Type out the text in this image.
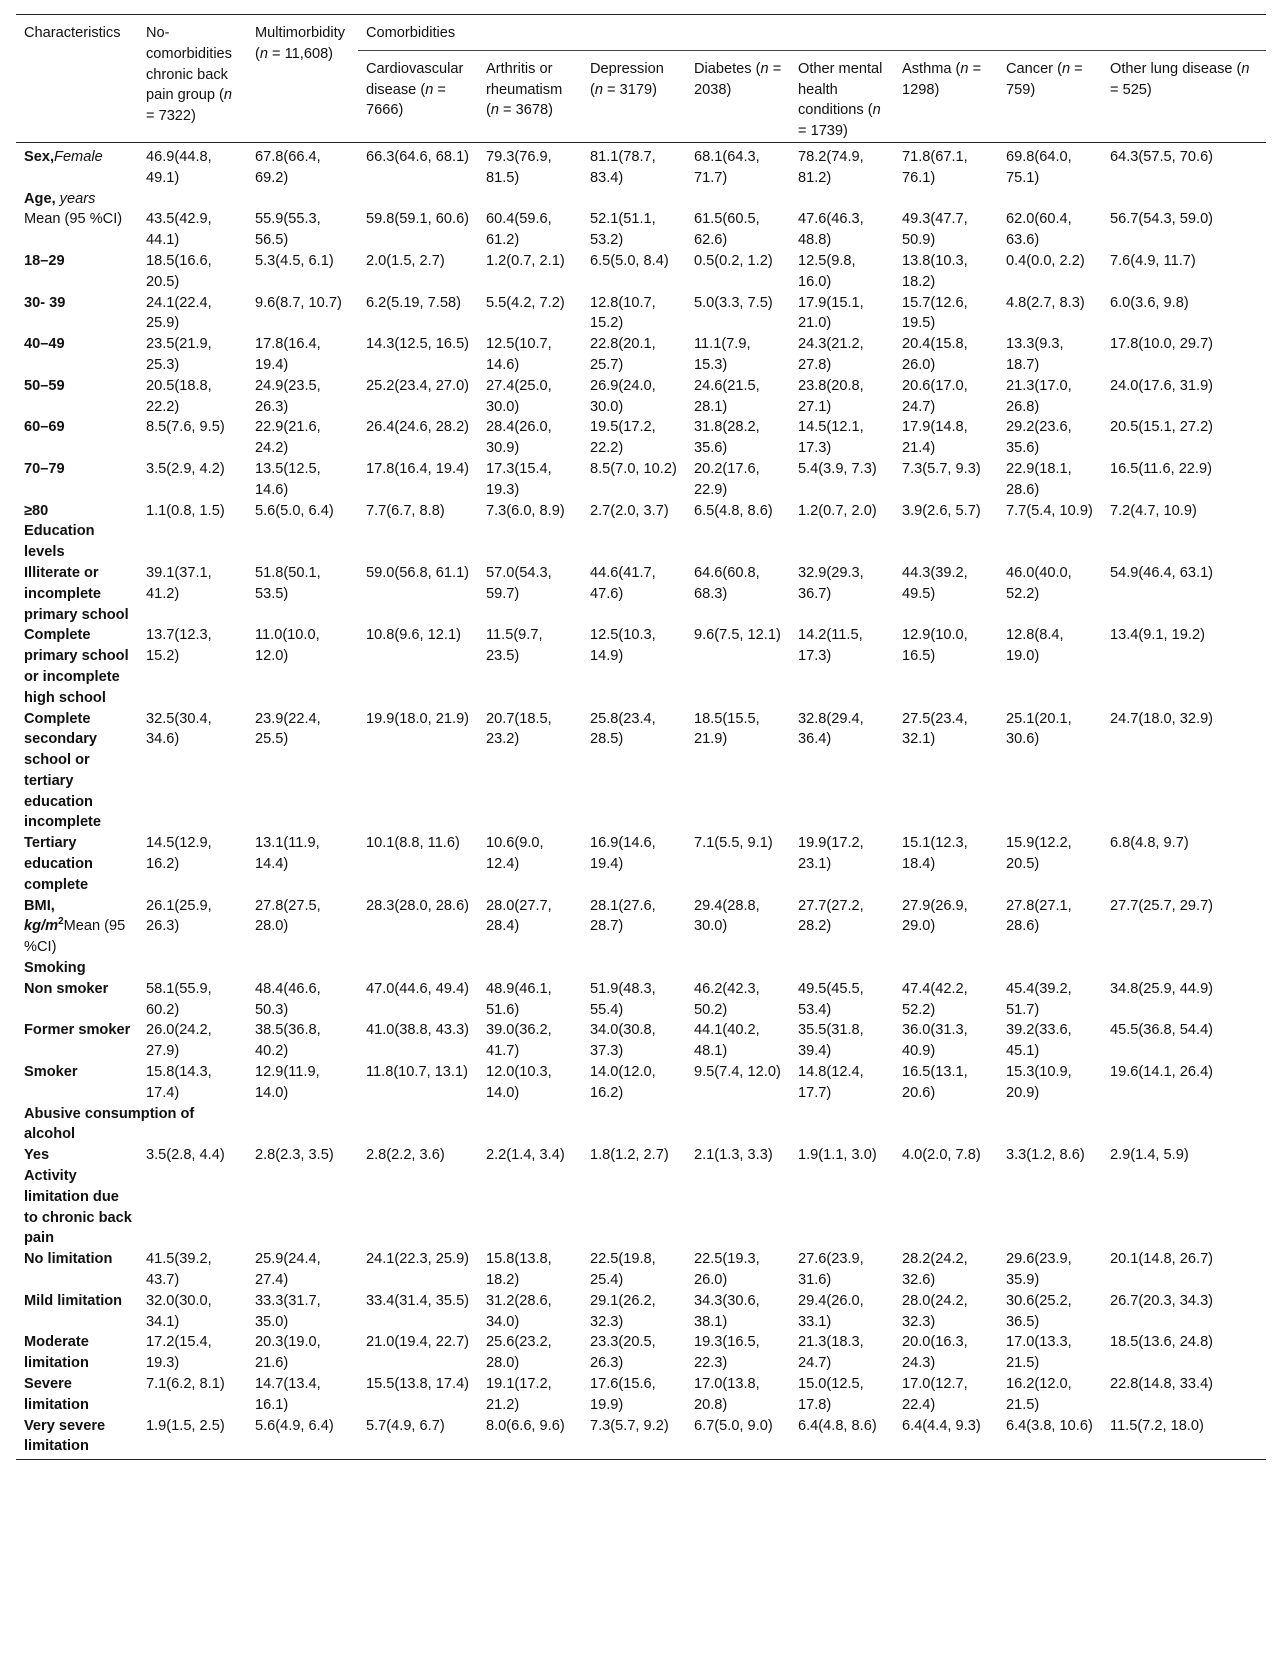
Characteristics	No-comorbidities chronic back pain group (n = 7322)	Multimorbidity (n = 11,608)	Comorbidities							
			Cardiovascular disease (n = 7666)	Arthritis or rheumatism (n = 3678)	Depression (n = 3179)	Diabetes (n = 2038)	Other mental health conditions (n = 1739)	Asthma (n = 1298)	Cancer (n = 759)	Other lung disease (n = 525)
Sex,Female	46.9(44.8, 49.1)	67.8(66.4, 69.2)	66.3(64.6, 68.1)	79.3(76.9, 81.5)	81.1(78.7, 83.4)	68.1(64.3, 71.7)	78.2(74.9, 81.2)	71.8(67.1, 76.1)	69.8(64.0, 75.1)	64.3(57.5, 70.6)
Age, years										
Mean (95 %CI)	43.5(42.9, 44.1)	55.9(55.3, 56.5)	59.8(59.1, 60.6)	60.4(59.6, 61.2)	52.1(51.1, 53.2)	61.5(60.5, 62.6)	47.6(46.3, 48.8)	49.3(47.7, 50.9)	62.0(60.4, 63.6)	56.7(54.3, 59.0)
18–29	18.5(16.6, 20.5)	5.3(4.5, 6.1)	2.0(1.5, 2.7)	1.2(0.7, 2.1)	6.5(5.0, 8.4)	0.5(0.2, 1.2)	12.5(9.8, 16.0)	13.8(10.3, 18.2)	0.4(0.0, 2.2)	7.6(4.9, 11.7)
30- 39	24.1(22.4, 25.9)	9.6(8.7, 10.7)	6.2(5.19, 7.58)	5.5(4.2, 7.2)	12.8(10.7, 15.2)	5.0(3.3, 7.5)	17.9(15.1, 21.0)	15.7(12.6, 19.5)	4.8(2.7, 8.3)	6.0(3.6, 9.8)
40–49	23.5(21.9, 25.3)	17.8(16.4, 19.4)	14.3(12.5, 16.5)	12.5(10.7, 14.6)	22.8(20.1, 25.7)	11.1(7.9, 15.3)	24.3(21.2, 27.8)	20.4(15.8, 26.0)	13.3(9.3, 18.7)	17.8(10.0, 29.7)
50–59	20.5(18.8, 22.2)	24.9(23.5, 26.3)	25.2(23.4, 27.0)	27.4(25.0, 30.0)	26.9(24.0, 30.0)	24.6(21.5, 28.1)	23.8(20.8, 27.1)	20.6(17.0, 24.7)	21.3(17.0, 26.8)	24.0(17.6, 31.9)
60–69	8.5(7.6, 9.5)	22.9(21.6, 24.2)	26.4(24.6, 28.2)	28.4(26.0, 30.9)	19.5(17.2, 22.2)	31.8(28.2, 35.6)	14.5(12.1, 17.3)	17.9(14.8, 21.4)	29.2(23.6, 35.6)	20.5(15.1, 27.2)
70–79	3.5(2.9, 4.2)	13.5(12.5, 14.6)	17.8(16.4, 19.4)	17.3(15.4, 19.3)	8.5(7.0, 10.2)	20.2(17.6, 22.9)	5.4(3.9, 7.3)	7.3(5.7, 9.3)	22.9(18.1, 28.6)	16.5(11.6, 22.9)
≥80	1.1(0.8, 1.5)	5.6(5.0, 6.4)	7.7(6.7, 8.8)	7.3(6.0, 8.9)	2.7(2.0, 3.7)	6.5(4.8, 8.6)	1.2(0.7, 2.0)	3.9(2.6, 5.7)	7.7(5.4, 10.9)	7.2(4.7, 10.9)
Education levels										
Illiterate or incomplete primary school	39.1(37.1, 41.2)	51.8(50.1, 53.5)	59.0(56.8, 61.1)	57.0(54.3, 59.7)	44.6(41.7, 47.6)	64.6(60.8, 68.3)	32.9(29.3, 36.7)	44.3(39.2, 49.5)	46.0(40.0, 52.2)	54.9(46.4, 63.1)
Complete primary school or incomplete high school	13.7(12.3, 15.2)	11.0(10.0, 12.0)	10.8(9.6, 12.1)	11.5(9.7, 23.5)	12.5(10.3, 14.9)	9.6(7.5, 12.1)	14.2(11.5, 17.3)	12.9(10.0, 16.5)	12.8(8.4, 19.0)	13.4(9.1, 19.2)
Complete secondary school or tertiary education incomplete	32.5(30.4, 34.6)	23.9(22.4, 25.5)	19.9(18.0, 21.9)	20.7(18.5, 23.2)	25.8(23.4, 28.5)	18.5(15.5, 21.9)	32.8(29.4, 36.4)	27.5(23.4, 32.1)	25.1(20.1, 30.6)	24.7(18.0, 32.9)
Tertiary education complete	14.5(12.9, 16.2)	13.1(11.9, 14.4)	10.1(8.8, 11.6)	10.6(9.0, 12.4)	16.9(14.6, 19.4)	7.1(5.5, 9.1)	19.9(17.2, 23.1)	15.1(12.3, 18.4)	15.9(12.2, 20.5)	6.8(4.8, 9.7)
BMI, $kg/m^2Mean$ (95 %CI)	26.1(25.9, 26.3)	27.8(27.5, 28.0)	28.3(28.0, 28.6)	28.0(27.7, 28.4)	28.1(27.6, 28.7)	29.4(28.8, 30.0)	27.7(27.2, 28.2)	27.9(26.9, 29.0)	27.8(27.1, 28.6)	27.7(25.7, 29.7)
Smoking										
Non smoker	58.1(55.9, 60.2)	48.4(46.6, 50.3)	47.0(44.6, 49.4)	48.9(46.1, 51.6)	51.9(48.3, 55.4)	46.2(42.3, 50.2)	49.5(45.5, 53.4)	47.4(42.2, 52.2)	45.4(39.2, 51.7)	34.8(25.9, 44.9)
Former smoker	26.0(24.2, 27.9)	38.5(36.8, 40.2)	41.0(38.8, 43.3)	39.0(36.2, 41.7)	34.0(30.8, 37.3)	44.1(40.2, 48.1)	35.5(31.8, 39.4)	36.0(31.3, 40.9)	39.2(33.6, 45.1)	45.5(36.8, 54.4)
Smoker	15.8(14.3, 17.4)	12.9(11.9, 14.0)	11.8(10.7, 13.1)	12.0(10.3, 14.0)	14.0(12.0, 16.2)	9.5(7.4, 12.0)	14.8(12.4, 17.7)	16.5(13.1, 20.6)	15.3(10.9, 20.9)	19.6(14.1, 26.4)
Abusive consumption of alcohol										
Yes	3.5(2.8, 4.4)	2.8(2.3, 3.5)	2.8(2.2, 3.6)	2.2(1.4, 3.4)	1.8(1.2, 2.7)	2.1(1.3, 3.3)	1.9(1.1, 3.0)	4.0(2.0, 7.8)	3.3(1.2, 8.6)	2.9(1.4, 5.9)
Activity limitation due to chronic back pain										
No limitation	41.5(39.2, 43.7)	25.9(24.4, 27.4)	24.1(22.3, 25.9)	15.8(13.8, 18.2)	22.5(19.8, 25.4)	22.5(19.3, 26.0)	27.6(23.9, 31.6)	28.2(24.2, 32.6)	29.6(23.9, 35.9)	20.1(14.8, 26.7)
Mild limitation	32.0(30.0, 34.1)	33.3(31.7, 35.0)	33.4(31.4, 35.5)	31.2(28.6, 34.0)	29.1(26.2, 32.3)	34.3(30.6, 38.1)	29.4(26.0, 33.1)	28.0(24.2, 32.3)	30.6(25.2, 36.5)	26.7(20.3, 34.3)
Moderate limitation	17.2(15.4, 19.3)	20.3(19.0, 21.6)	21.0(19.4, 22.7)	25.6(23.2, 28.0)	23.3(20.5, 26.3)	19.3(16.5, 22.3)	21.3(18.3, 24.7)	20.0(16.3, 24.3)	17.0(13.3, 21.5)	18.5(13.6, 24.8)
Severe limitation	7.1(6.2, 8.1)	14.7(13.4, 16.1)	15.5(13.8, 17.4)	19.1(17.2, 21.2)	17.6(15.6, 19.9)	17.0(13.8, 20.8)	15.0(12.5, 17.8)	17.0(12.7, 22.4)	16.2(12.0, 21.5)	22.8(14.8, 33.4)
Very severe limitation	1.9(1.5, 2.5)	5.6(4.9, 6.4)	5.7(4.9, 6.7)	8.0(6.6, 9.6)	7.3(5.7, 9.2)	6.7(5.0, 9.0)	6.4(4.8, 8.6)	6.4(4.4, 9.3)	6.4(3.8, 10.6)	11.5(7.2, 18.0)
